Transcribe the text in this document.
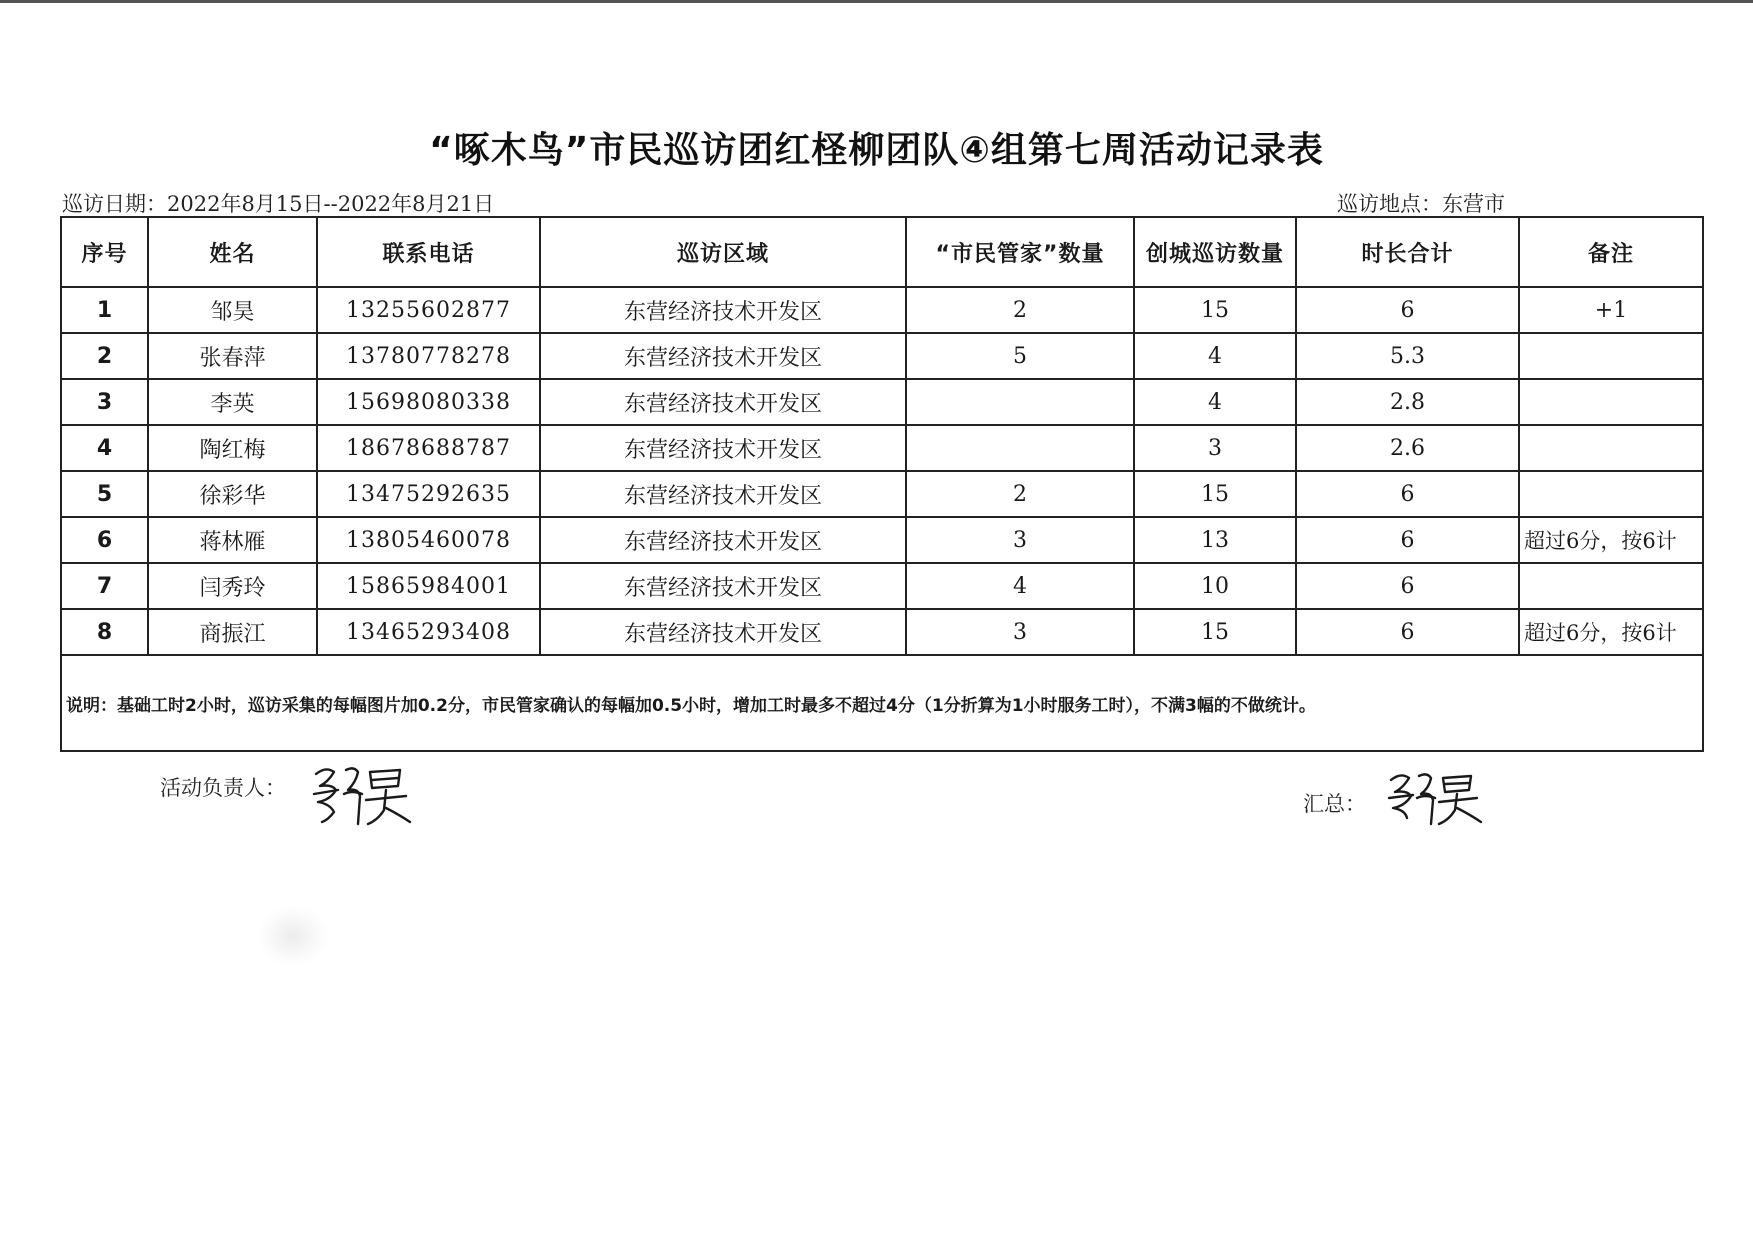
“啄木鸟”市民巡访团红柽柳团队④组第七周活动记录表
巡访日期：2022年8月15日--2022年8月21日	巡访地点：东营市
序号	姓名	联系电话	巡访区域	“市民管家”数量	创城巡访数量	时长合计	备注
1	邹昊	13255602877	东营经济技术开发区	2	15	6	+1
2	张春萍	13780778278	东营经济技术开发区	5	4	5.3	
3	李英	15698080338	东营经济技术开发区		4	2.8	
4	陶红梅	18678688787	东营经济技术开发区		3	2.6	
5	徐彩华	13475292635	东营经济技术开发区	2	15	6	
6	蒋林雁	13805460078	东营经济技术开发区	3	13	6	超过6分，按6计
7	闫秀玲	15865984001	东营经济技术开发区	4	10	6	
8	商振江	13465293408	东营经济技术开发区	3	15	6	超过6分，按6计
说明：基础工时2小时，巡访采集的每幅图片加0.2分，市民管家确认的每幅加0.5小时，增加工时最多不超过4分（1分折算为1小时服务工时），不满3幅的不做统计。							
活动负责人：
汇总：
